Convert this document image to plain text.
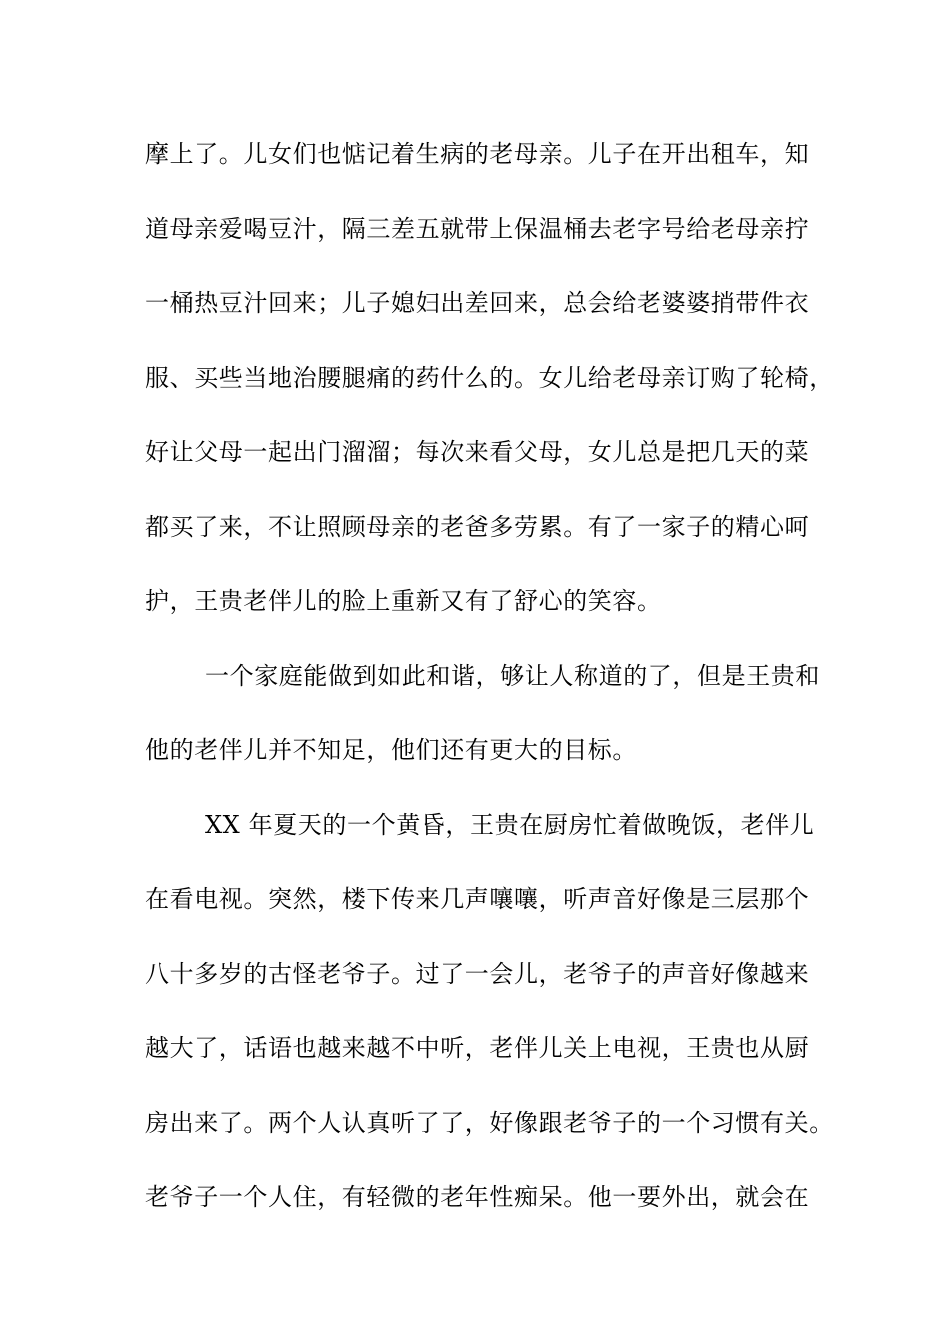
摩上了。儿女们也惦记着生病的老母亲。儿子在开出租车，知
道母亲爱喝豆汁，隔三差五就带上保温桶去老字号给老母亲拧
一桶热豆汁回来；儿子媳妇出差回来，总会给老婆婆捎带件衣
服、买些当地治腰腿痛的药什么的。女儿给老母亲订购了轮椅，
好让父母一起出门溜溜；每次来看父母，女儿总是把几天的菜
都买了来，不让照顾母亲的老爸多劳累。有了一家子的精心呵
护，王贵老伴儿的脸上重新又有了舒心的笑容。
一个家庭能做到如此和谐，够让人称道的了，但是王贵和
他的老伴儿并不知足，他们还有更大的目标。
XX 年夏天的一个黄昏，王贵在厨房忙着做晚饭，老伴儿
在看电视。突然，楼下传来几声嚷嚷，听声音好像是三层那个
八十多岁的古怪老爷子。过了一会儿，老爷子的声音好像越来
越大了，话语也越来越不中听，老伴儿关上电视，王贵也从厨
房出来了。两个人认真听了了，好像跟老爷子的一个习惯有关。
老爷子一个人住，有轻微的老年性痴呆。他一要外出，就会在
